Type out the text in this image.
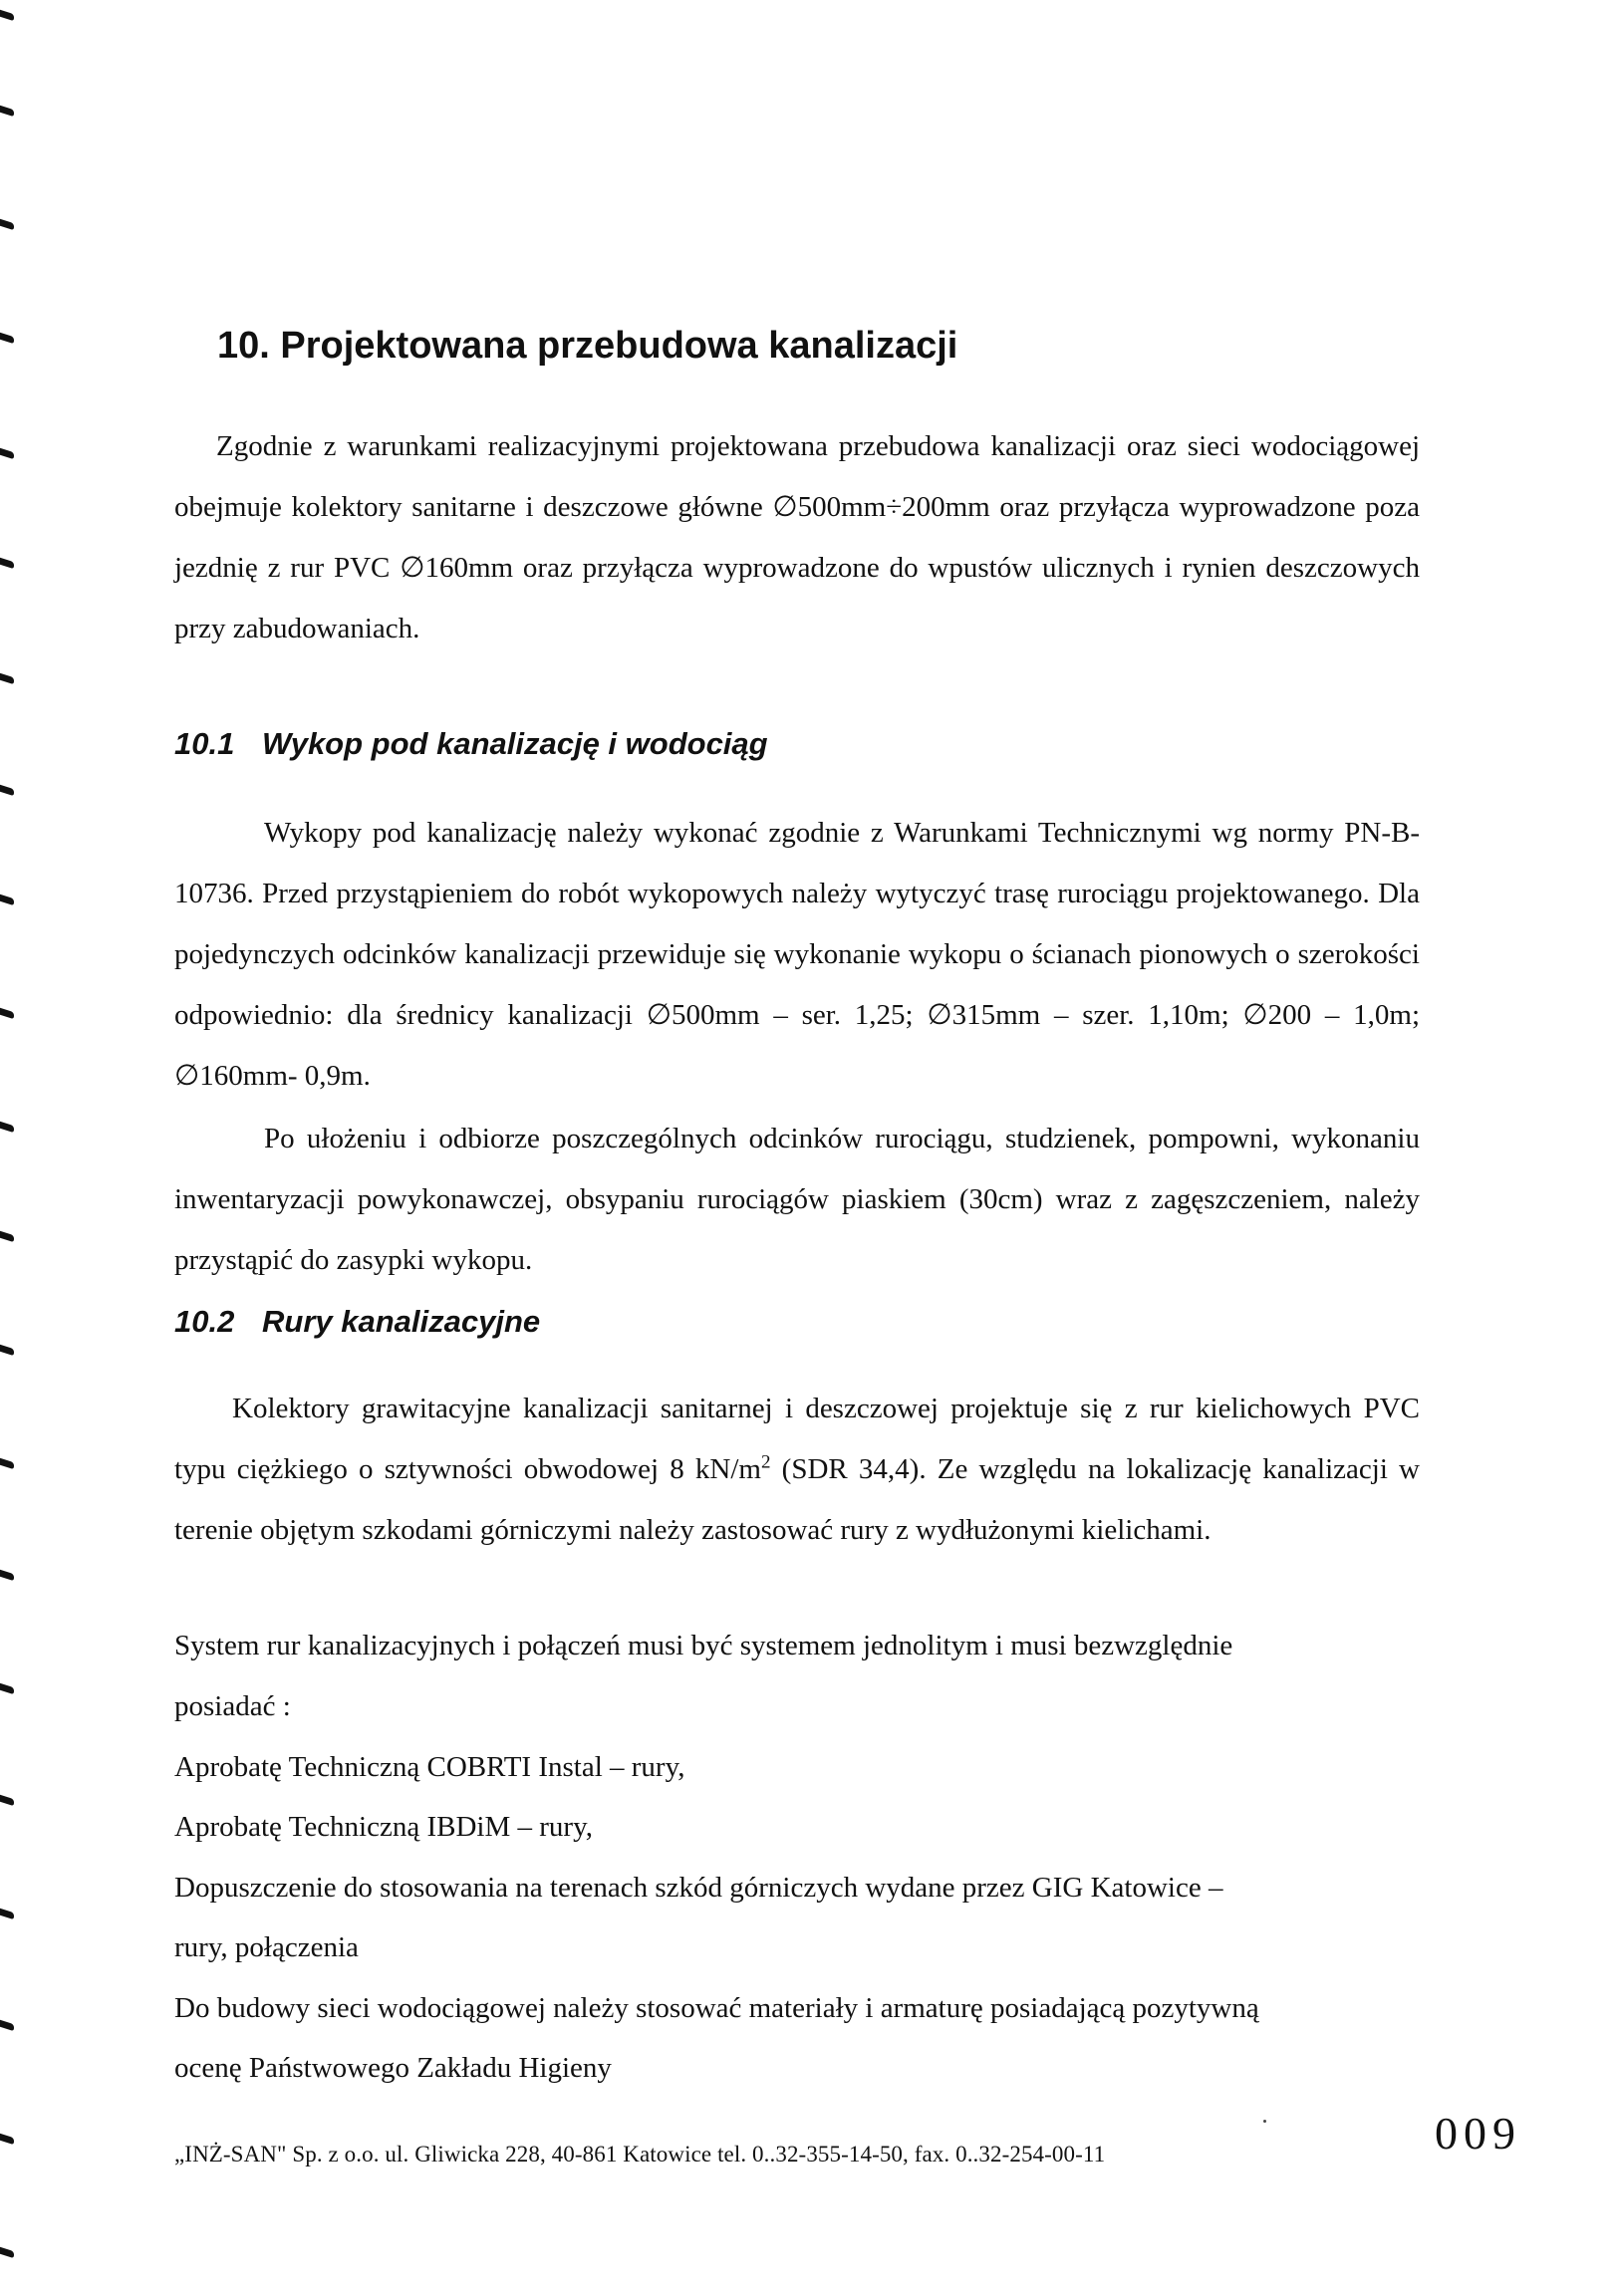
10. Projektowana przebudowa kanalizacji

Zgodnie z warunkami realizacyjnymi projektowana przebudowa kanalizacji oraz sieci wodociągowej obejmuje kolektory sanitarne i deszczowe główne ∅500mm÷200mm oraz przyłącza wyprowadzone poza jezdnię z rur PVC ∅160mm oraz przyłącza wyprowadzone do wpustów ulicznych i rynien deszczowych przy zabudowaniach.

10.1 Wykop pod kanalizację i wodociąg

Wykopy pod kanalizację należy wykonać zgodnie z Warunkami Technicznymi wg normy PN-B-10736. Przed przystąpieniem do robót wykopowych należy wytyczyć trasę rurociągu projektowanego. Dla pojedynczych odcinków kanalizacji przewiduje się wykonanie wykopu o ścianach pionowych o szerokości odpowiednio: dla średnicy kanalizacji ∅500mm – ser. 1,25; ∅315mm – szer. 1,10m; ∅200 – 1,0m; ∅160mm- 0,9m.

Po ułożeniu i odbiorze poszczególnych odcinków rurociągu, studzienek, pompowni, wykonaniu inwentaryzacji powykonawczej, obsypaniu rurociągów piaskiem (30cm) wraz z zagęszczeniem, należy przystąpić do zasypki wykopu.

10.2 Rury kanalizacyjne

Kolektory grawitacyjne kanalizacji sanitarnej i deszczowej projektuje się z rur kielichowych PVC typu ciężkiego o sztywności obwodowej 8 $kN/m^2$ (SDR 34,4). Ze względu na lokalizację kanalizacji w terenie objętym szkodami górniczymi należy zastosować rury z wydłużonymi kielichami.

System rur kanalizacyjnych i połączeń musi być systemem jednolitym i musi bezwzględnie

posiadać :

Aprobatę Techniczną COBRTI Instal – rury,

Aprobatę Techniczną IBDiM – rury,

Dopuszczenie do stosowania na terenach szkód górniczych wydane przez GIG Katowice –

rury, połączenia

Do budowy sieci wodociągowej należy stosować materiały i armaturę posiadającą pozytywną

ocenę Państwowego Zakładu Higieny

„INŻ-SAN" Sp. z o.o. ul. Gliwicka 228, 40-861 Katowice tel. 0..32-355-14-50, fax. 0..32-254-00-11	009
